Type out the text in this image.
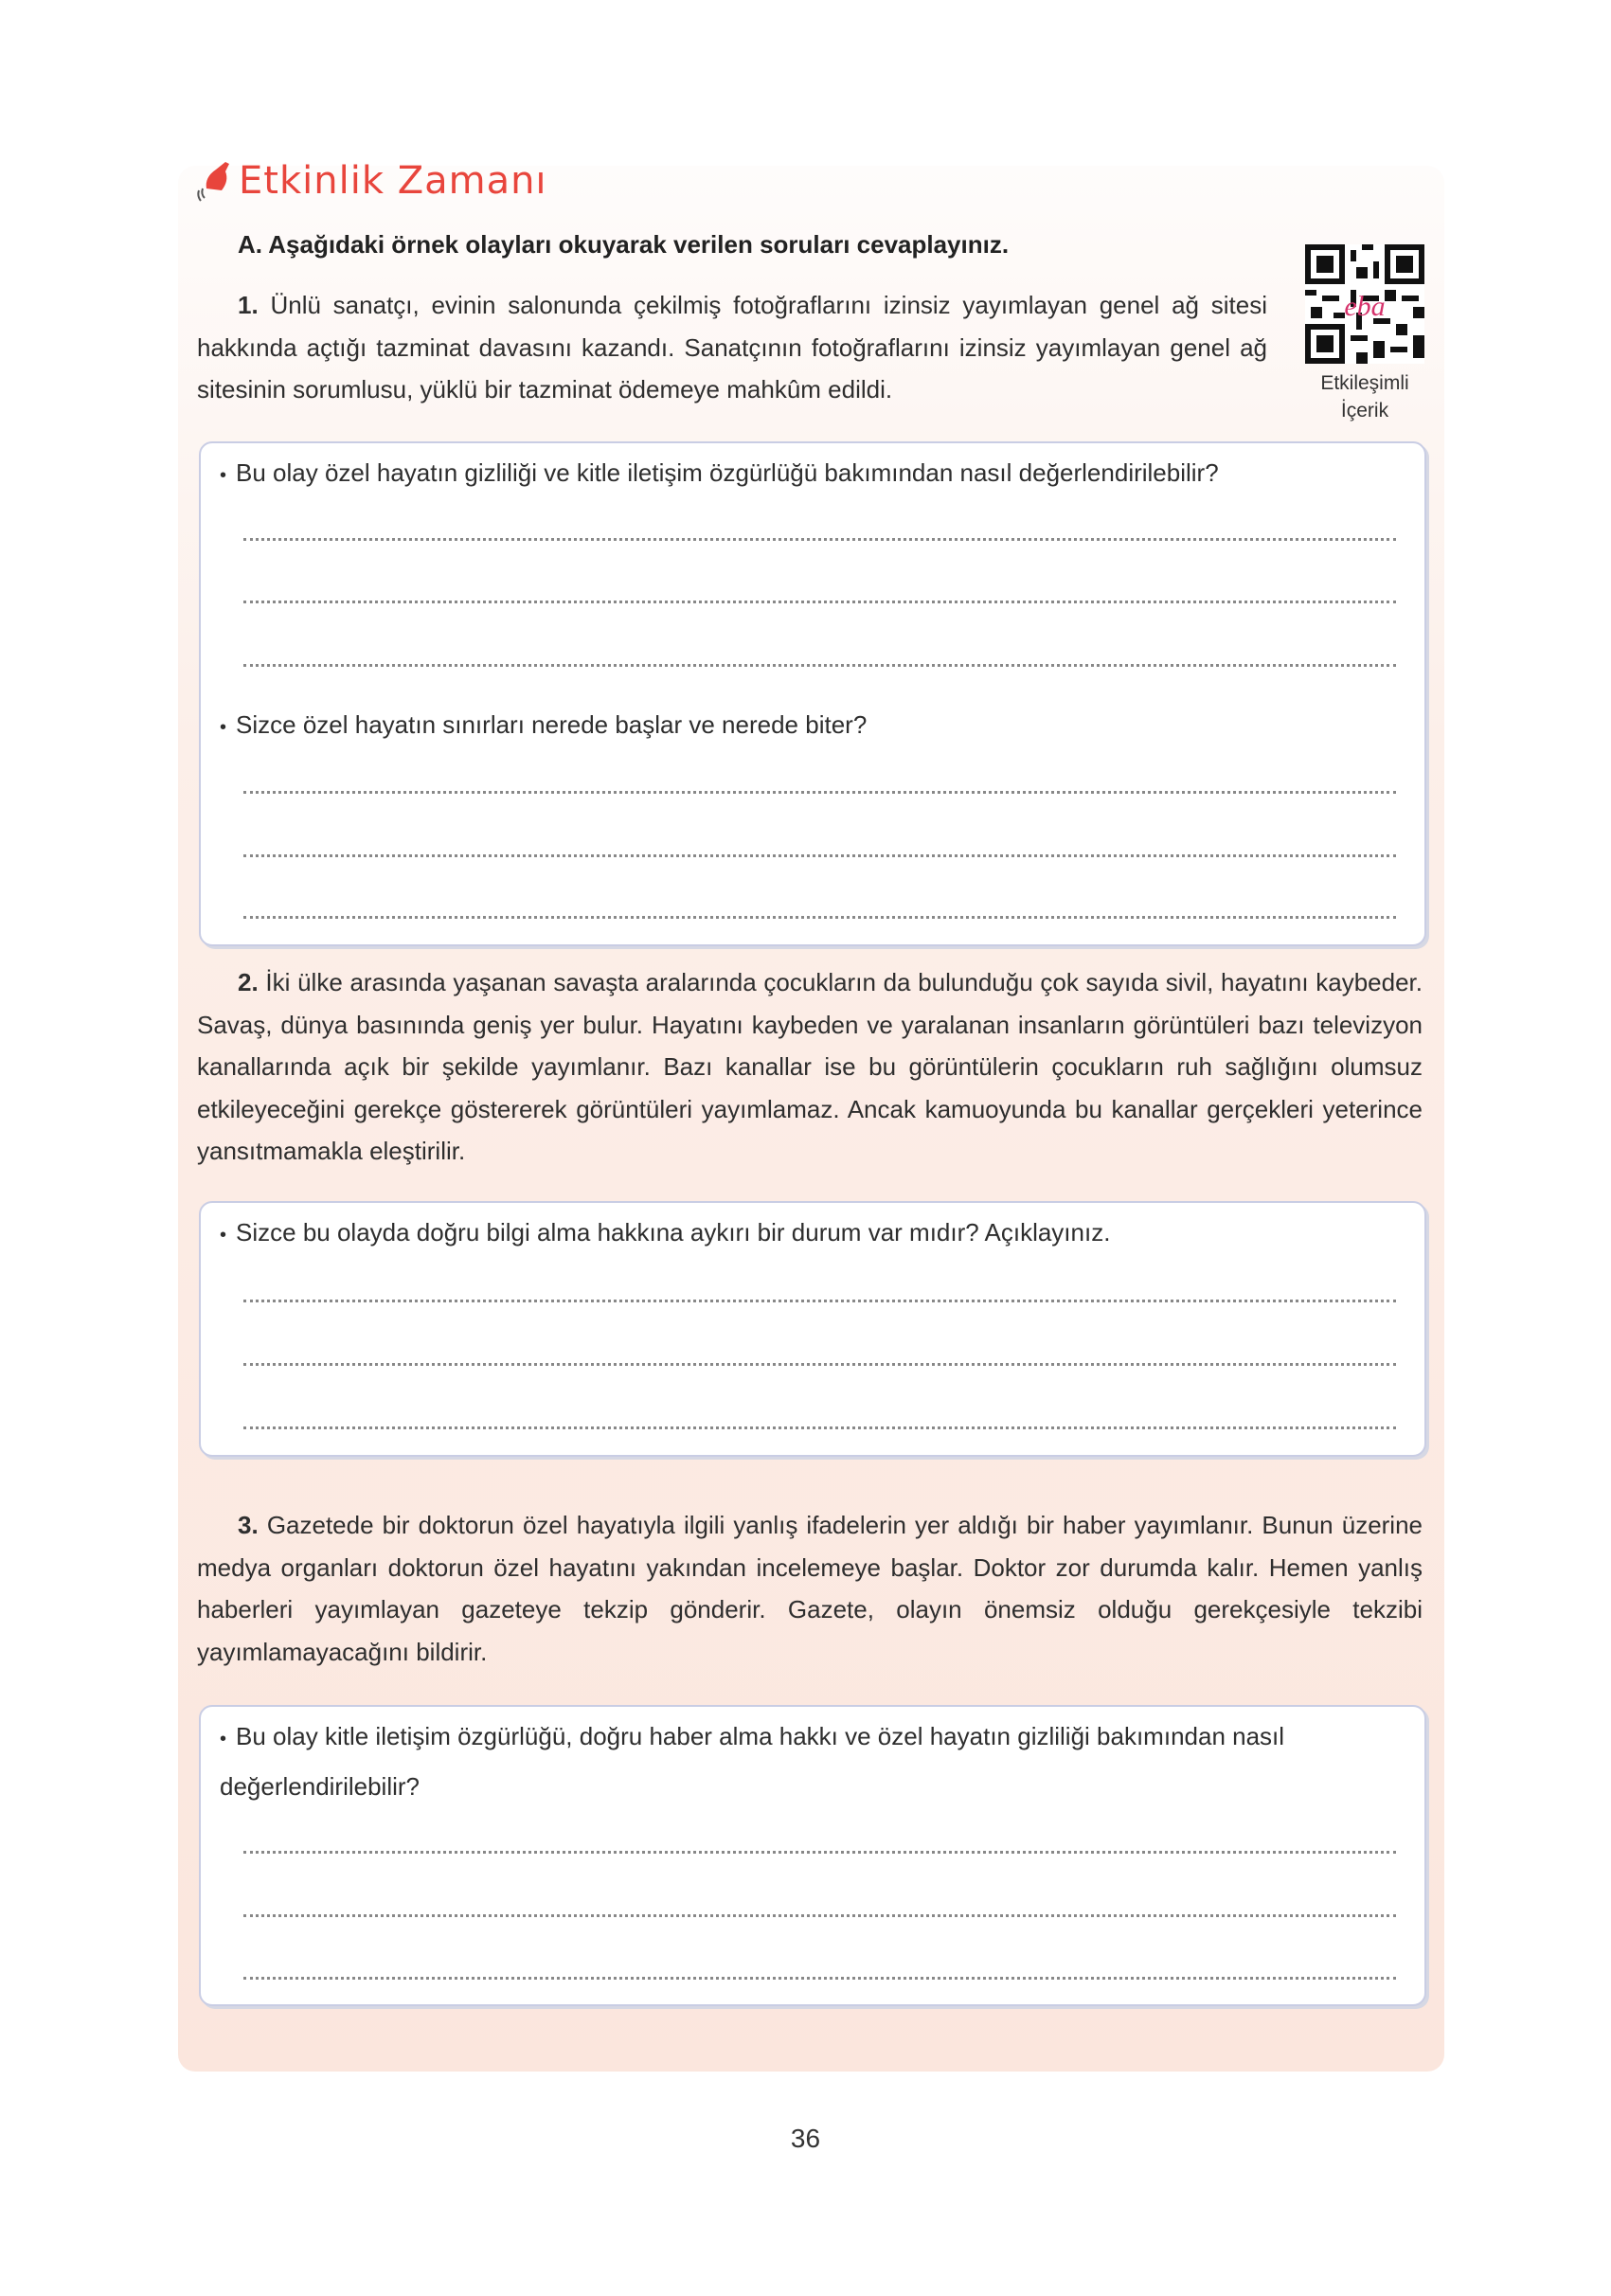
Etkinlik Zamanı
A. Aşağıdaki örnek olayları okuyarak verilen soruları cevaplayınız.
1. Ünlü sanatçı, evinin salonunda çekilmiş fotoğraflarını izinsiz yayımlayan genel ağ sitesi hakkında açtığı tazminat davasını kazandı. Sanatçının fotoğraflarını izinsiz yayımlayan genel ağ sitesinin sorumlusu, yüklü bir tazminat ödemeye mahkûm edildi.
eba
Etkileşimli
İçerik
• Bu olay özel hayatın gizliliği ve kitle iletişim özgürlüğü bakımından nasıl değerlendirilebilir?
• Sizce özel hayatın sınırları nerede başlar ve nerede biter?
2. İki ülke arasında yaşanan savaşta aralarında çocukların da bulunduğu çok sayıda sivil, hayatını kaybeder. Savaş, dünya basınında geniş yer bulur. Hayatını kaybeden ve yaralanan insanların görüntüleri bazı televizyon kanallarında açık bir şekilde yayımlanır. Bazı kanallar ise bu görüntülerin çocukların ruh sağlığını olumsuz etkileyeceğini gerekçe göstererek görüntüleri yayımlamaz. Ancak kamuoyunda bu kanallar gerçekleri yeterince yansıtmamakla eleştirilir.
• Sizce bu olayda doğru bilgi alma hakkına aykırı bir durum var mıdır? Açıklayınız.
3. Gazetede bir doktorun özel hayatıyla ilgili yanlış ifadelerin yer aldığı bir haber yayımlanır. Bunun üzerine medya organları doktorun özel hayatını yakından incelemeye başlar. Doktor zor durumda kalır. Hemen yanlış haberleri yayımlayan gazeteye tekzip gönderir. Gazete, olayın önemsiz olduğu gerekçesiyle tekzibi yayımlamayacağını bildirir.
• Bu olay kitle iletişim özgürlüğü, doğru haber alma hakkı ve özel hayatın gizliliği bakımından nasıl değerlendirilebilir?
36
